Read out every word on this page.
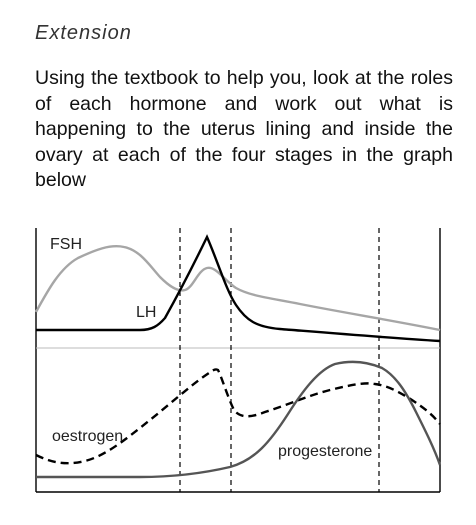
Extension
Using the textbook to help you, look at the roles of each hormone and work out what is happening to the uterus lining and inside the ovary at each of the four stages in the graph below
FSH
LH
oestrogen
progesterone
